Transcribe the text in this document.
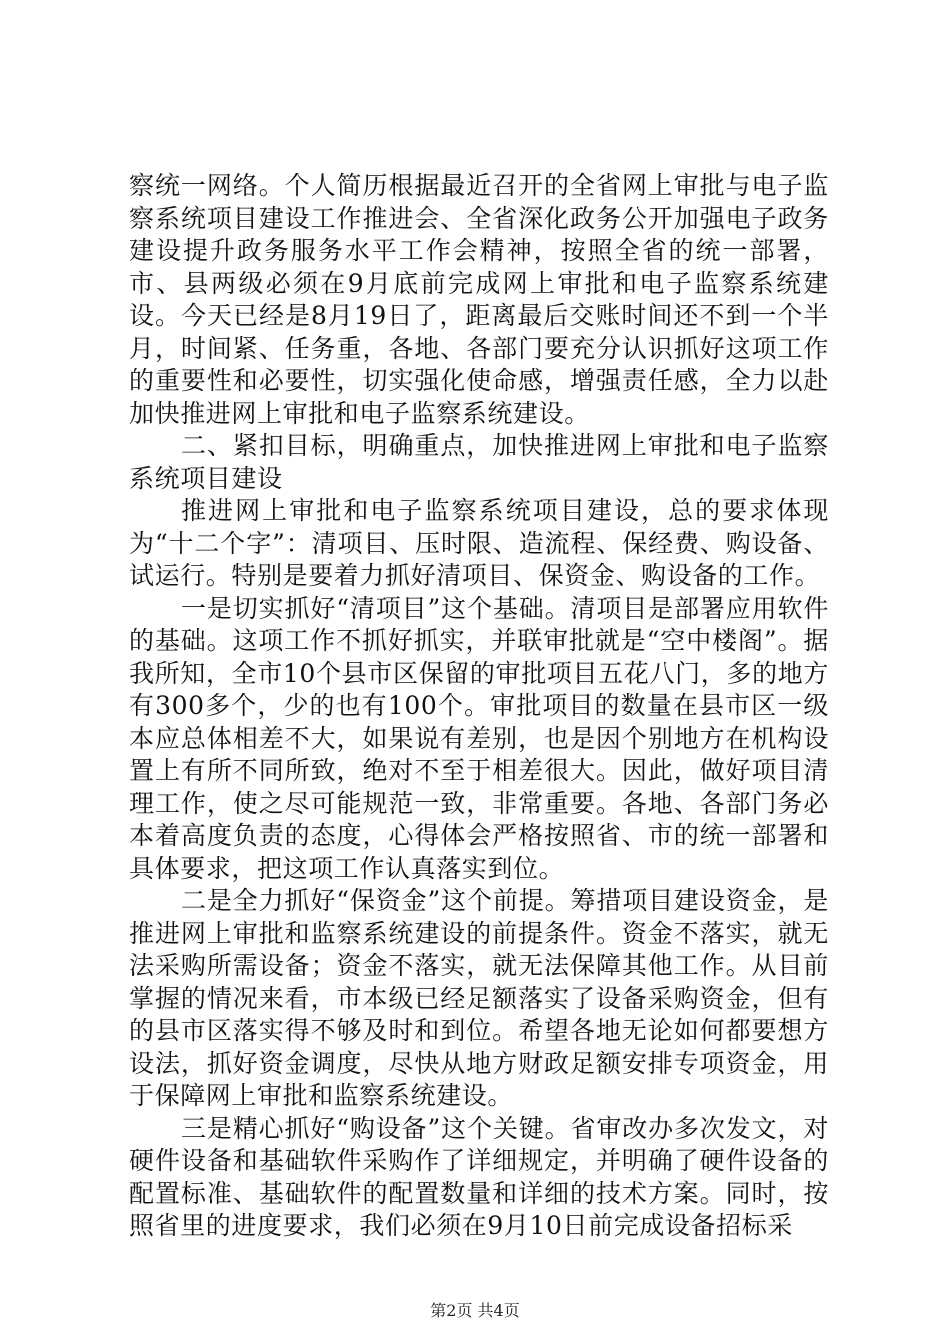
察统一网络。个人简历根据最近召开的全省网上审批与电子监察系统项目建设工作推进会、全省深化政务公开加强电子政务建设提升政务服务水平工作会精神，按照全省的统一部署，市、县两级必须在9月底前完成网上审批和电子监察系统建设。今天已经是8月19日了，距离最后交账时间还不到一个半月，时间紧、任务重，各地、各部门要充分认识抓好这项工作的重要性和必要性，切实强化使命感，增强责任感，全力以赴加快推进网上审批和电子监察系统建设。

二、紧扣目标，明确重点，加快推进网上审批和电子监察系统项目建设

推进网上审批和电子监察系统项目建设，总的要求体现为“十二个字”：清项目、压时限、造流程、保经费、购设备、试运行。特别是要着力抓好清项目、保资金、购设备的工作。

一是切实抓好“清项目”这个基础。清项目是部署应用软件的基础。这项工作不抓好抓实，并联审批就是“空中楼阁”。据我所知，全市10个县市区保留的审批项目五花八门，多的地方有300多个，少的也有100个。审批项目的数量在县市区一级本应总体相差不大，如果说有差别，也是因个别地方在机构设置上有所不同所致，绝对不至于相差很大。因此，做好项目清理工作，使之尽可能规范一致，非常重要。各地、各部门务必本着高度负责的态度，心得体会严格按照省、市的统一部署和具体要求，把这项工作认真落实到位。

二是全力抓好“保资金”这个前提。筹措项目建设资金，是推进网上审批和监察系统建设的前提条件。资金不落实，就无法采购所需设备；资金不落实，就无法保障其他工作。从目前掌握的情况来看，市本级已经足额落实了设备采购资金，但有的县市区落实得不够及时和到位。希望各地无论如何都要想方设法，抓好资金调度，尽快从地方财政足额安排专项资金，用于保障网上审批和监察系统建设。

三是精心抓好“购设备”这个关键。省审改办多次发文，对硬件设备和基础软件采购作了详细规定，并明确了硬件设备的配置标准、基础软件的配置数量和详细的技术方案。同时，按照省里的进度要求，我们必须在9月10日前完成设备招标采

第2页 共4页
